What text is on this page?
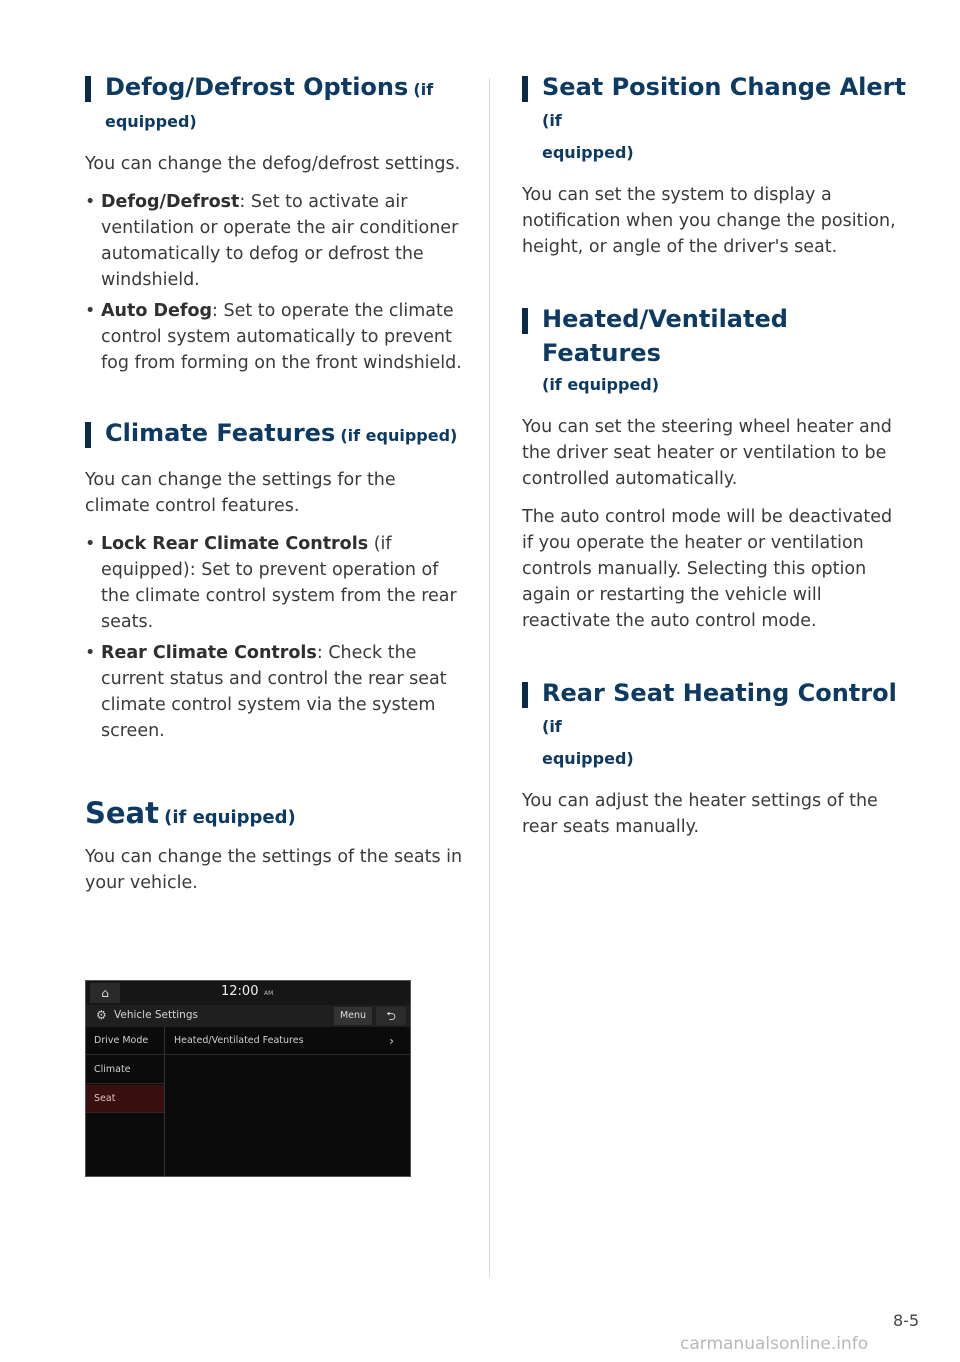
Defog/Defrost Options (if
equipped)

You can change the defog/defrost settings.

• Defog/Defrost: Set to activate air ventilation or operate the air conditioner automatically to defog or defrost the windshield.
• Auto Defog: Set to operate the climate control system automatically to prevent fog from forming on the front windshield.
Climate Features (if equipped)

You can change the settings for the climate control features.

• Lock Rear Climate Controls (if equipped): Set to prevent operation of the climate control system from the rear seats.
• Rear Climate Controls: Check the current status and control the rear seat climate control system via the system screen.
Seat (if equipped)

You can change the settings of the seats in your vehicle.

⌂	12:00 AM
⚙ Vehicle Settings	Menu	⮌
Drive Mode
Climate
Seat
Heated/Ventilated Features	›
Seat Position Change Alert (if
equipped)

You can set the system to display a notification when you change the position, height, or angle of the driver's seat.

Heated/Ventilated Features
(if equipped)

You can set the steering wheel heater and the driver seat heater or ventilation to be controlled automatically.

The auto control mode will be deactivated if you operate the heater or ventilation controls manually. Selecting this option again or restarting the vehicle will reactivate the auto control mode.

Rear Seat Heating Control (if
equipped)

You can adjust the heater settings of the rear seats manually.

8-5
carmanualsonline.info
